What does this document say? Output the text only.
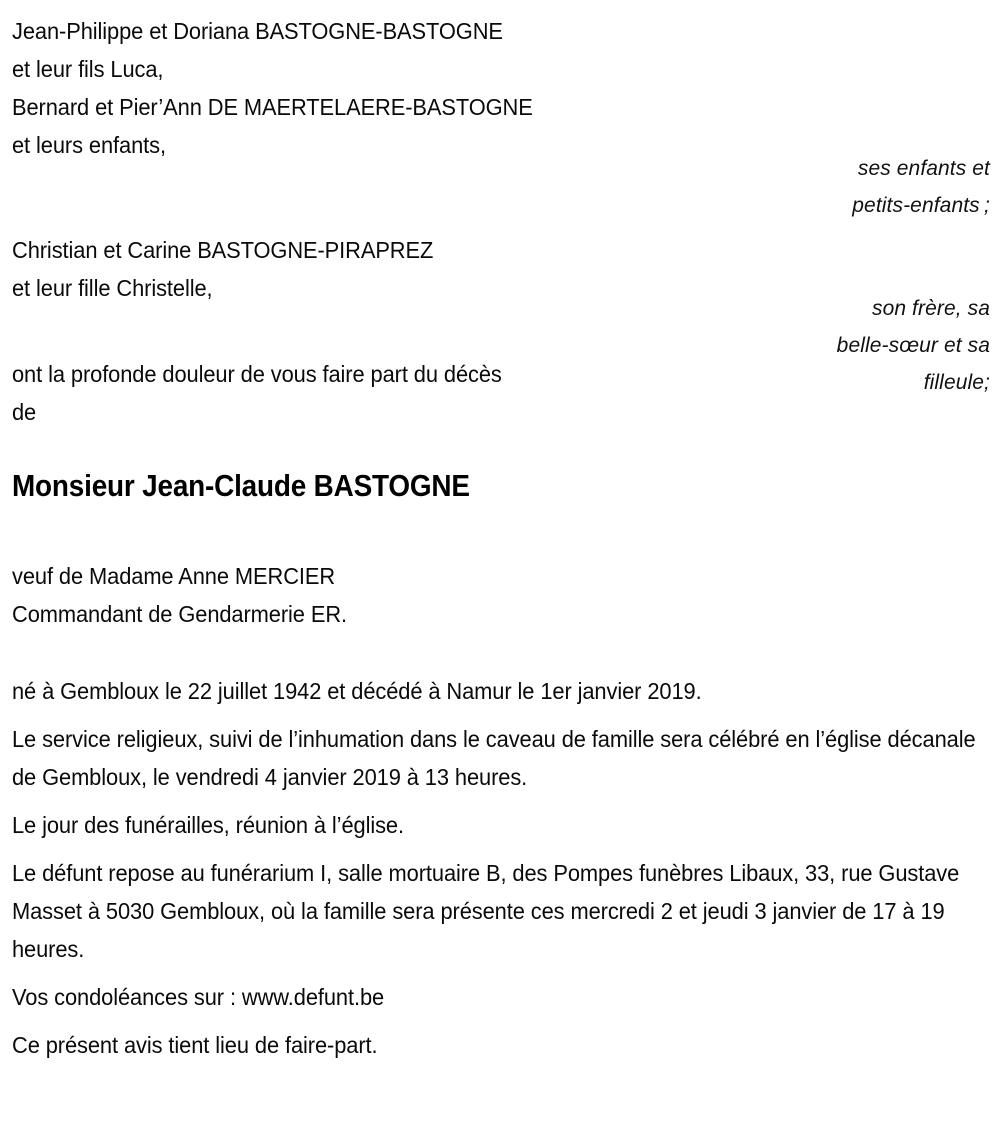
Jean-Philippe et Doriana BASTOGNE-BASTOGNE
et leur fils Luca,
Bernard et Pier’Ann DE MAERTELAERE-BASTOGNE
et leurs enfants,
ses enfants et
petits-enfants ;
Christian et Carine BASTOGNE-PIRAPREZ
et leur fille Christelle,
son frère, sa
belle-sœur et sa
filleule;
ont la profonde douleur de vous faire part du décès
de
Monsieur Jean-Claude BASTOGNE
veuf de Madame Anne MERCIER
Commandant de Gendarmerie ER.

né à Gembloux le 22 juillet 1942 et décédé à Namur le 1er janvier 2019.

Le service religieux, suivi de l’inhumation dans le caveau de famille sera célébré en l’église décanale de Gembloux, le vendredi 4 janvier 2019 à 13 heures.

Le jour des funérailles, réunion à l’église.

Le défunt repose au funérarium I, salle mortuaire B, des Pompes funèbres Libaux, 33, rue Gustave Masset à 5030 Gembloux, où la famille sera présente ces mercredi 2 et jeudi 3 janvier de 17 à 19 heures.

Vos condoléances sur : www.defunt.be

Ce présent avis tient lieu de faire-part.
